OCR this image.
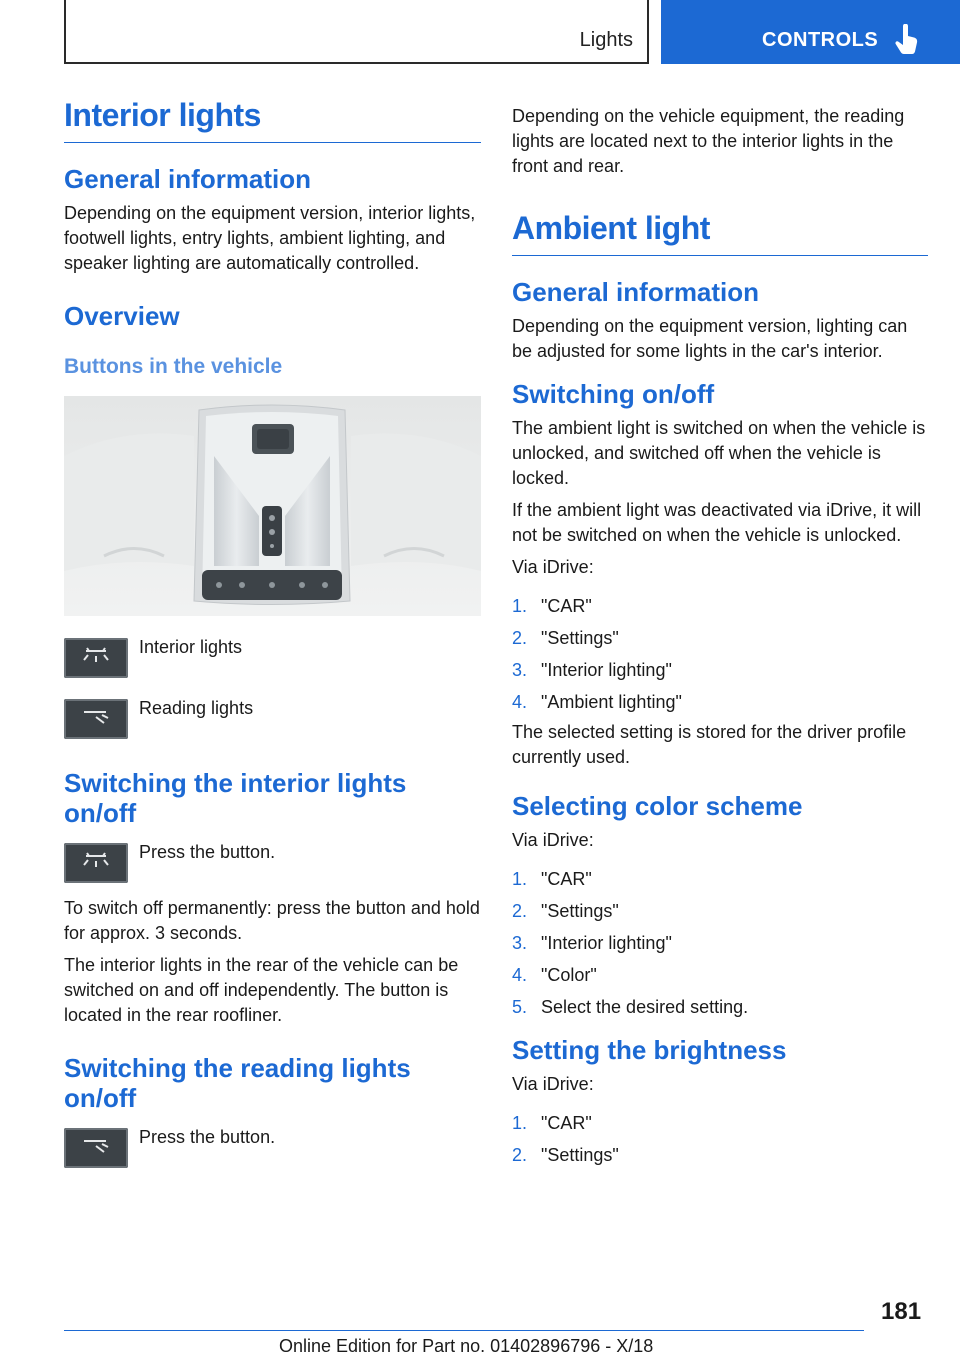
Lights	CONTROLS
Interior lights
General information

Depending on the equipment version, interior lights, footwell lights, entry lights, ambient lighting, and speaker lighting are automatically controlled.

Overview
Buttons in the vehicle
Interior lights
Reading lights
Switching the interior lights on/off
Press the button.

To switch off permanently: press the button and hold for approx. 3 seconds.

The interior lights in the rear of the vehicle can be switched on and off independently. The button is located in the rear roofliner.

Switching the reading lights on/off
Press the button.

Depending on the vehicle equipment, the reading lights are located next to the interior lights in the front and rear.

Ambient light
General information

Depending on the equipment version, lighting can be adjusted for some lights in the car's interior.

Switching on/off

The ambient light is switched on when the vehicle is unlocked, and switched off when the vehicle is locked.

If the ambient light was deactivated via iDrive, it will not be switched on when the vehicle is unlocked.

Via iDrive:

1. "CAR"
2. "Settings"
3. "Interior lighting"
4. "Ambient lighting"

The selected setting is stored for the driver profile currently used.

Selecting color scheme

Via iDrive:

1. "CAR"
2. "Settings"
3. "Interior lighting"
4. "Color"
5. Select the desired setting.
Setting the brightness

Via iDrive:

1. "CAR"
2. "Settings"
181
Online Edition for Part no. 01402896796 - X/18
